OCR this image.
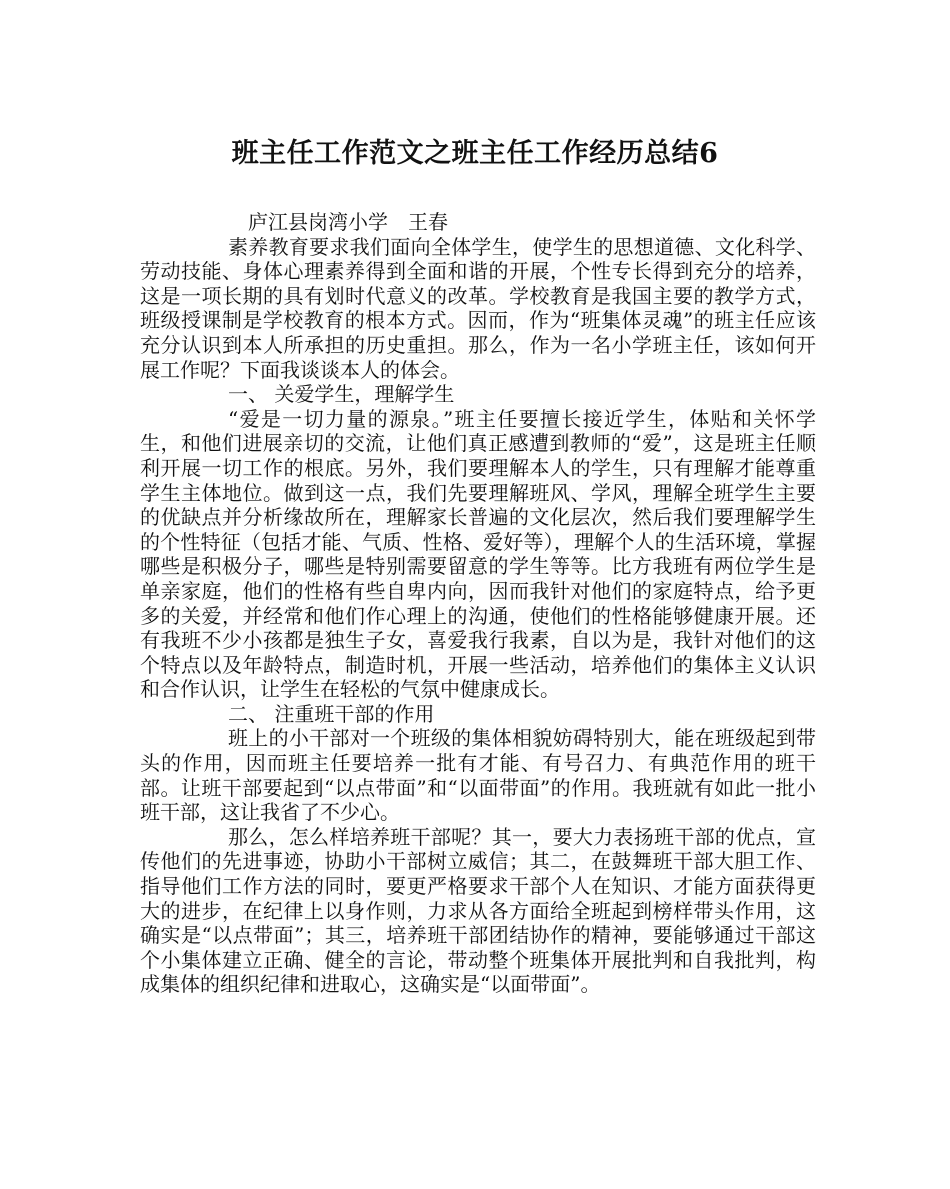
班主任工作范文之班主任工作经历总结6

庐江县岗湾小学　王春

素养教育要求我们面向全体学生，使学生的思想道德、文化科学、劳动技能、身体心理素养得到全面和谐的开展，个性专长得到充分的培养，这是一项长期的具有划时代意义的改革。学校教育是我国主要的教学方式，班级授课制是学校教育的根本方式。因而，作为“班集体灵魂”的班主任应该充分认识到本人所承担的历史重担。那么，作为一名小学班主任，该如何开展工作呢？下面我谈谈本人的体会。

一、 关爱学生，理解学生

“爱是一切力量的源泉。”班主任要擅长接近学生，体贴和关怀学生，和他们进展亲切的交流，让他们真正感遭到教师的“爱”，这是班主任顺利开展一切工作的根底。另外，我们要理解本人的学生，只有理解才能尊重学生主体地位。做到这一点，我们先要理解班风、学风，理解全班学生主要的优缺点并分析缘故所在，理解家长普遍的文化层次，然后我们要理解学生的个性特征（包括才能、气质、性格、爱好等），理解个人的生活环境，掌握哪些是积极分子，哪些是特别需要留意的学生等等。比方我班有两位学生是单亲家庭，他们的性格有些自卑内向，因而我针对他们的家庭特点，给予更多的关爱，并经常和他们作心理上的沟通，使他们的性格能够健康开展。还有我班不少小孩都是独生子女，喜爱我行我素，自以为是，我针对他们的这个特点以及年龄特点，制造时机，开展一些活动，培养他们的集体主义认识和合作认识，让学生在轻松的气氛中健康成长。

二、 注重班干部的作用

班上的小干部对一个班级的集体相貌妨碍特别大，能在班级起到带头的作用，因而班主任要培养一批有才能、有号召力、有典范作用的班干部。让班干部要起到“以点带面”和“以面带面”的作用。我班就有如此一批小班干部，这让我省了不少心。

那么，怎么样培养班干部呢？其一，要大力表扬班干部的优点，宣传他们的先进事迹，协助小干部树立威信；其二，在鼓舞班干部大胆工作、指导他们工作方法的同时，要更严格要求干部个人在知识、才能方面获得更大的进步，在纪律上以身作则，力求从各方面给全班起到榜样带头作用，这确实是“以点带面”；其三，培养班干部团结协作的精神，要能够通过干部这个小集体建立正确、健全的言论，带动整个班集体开展批判和自我批判，构成集体的组织纪律和进取心，这确实是“以面带面”。
